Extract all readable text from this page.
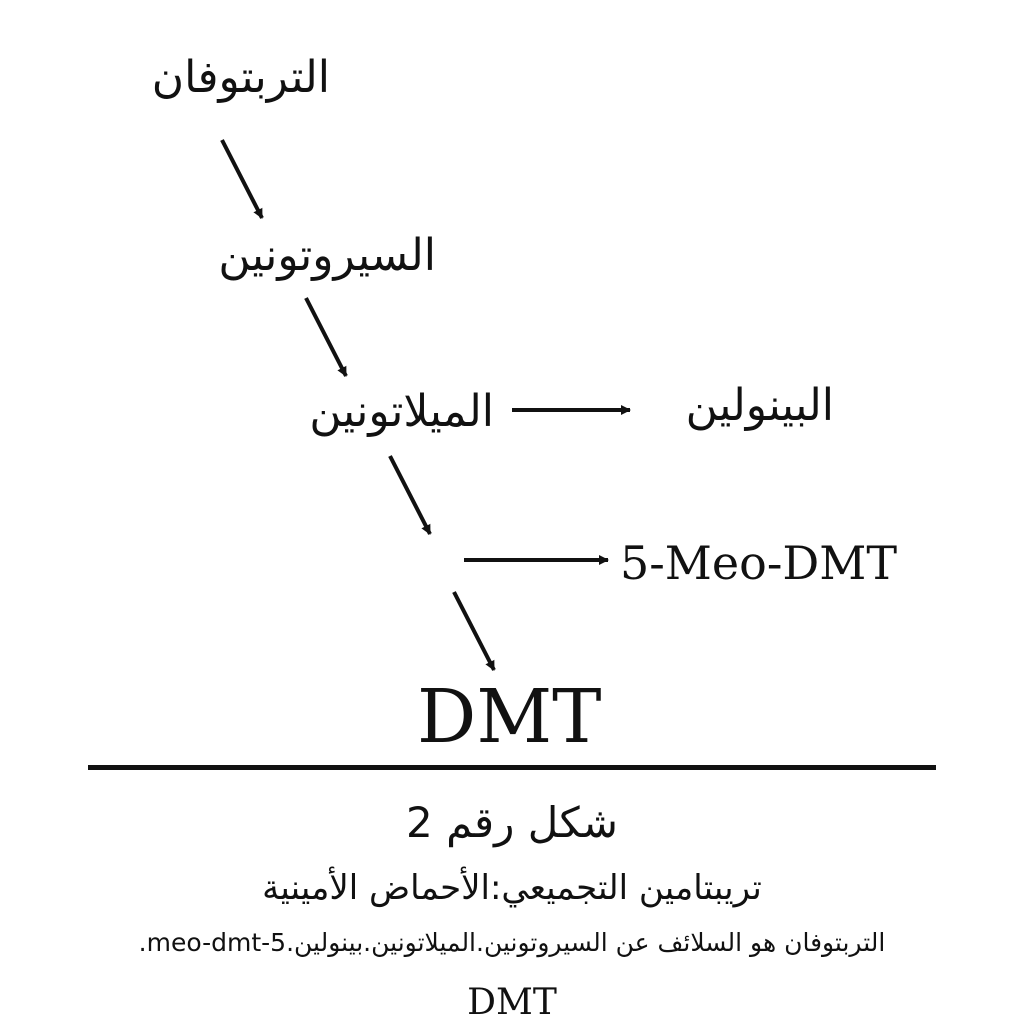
التربتوفان
السيروتونين
الميلاتونين	البينولين
5-Meo-DMT
DMT
شكل رقم 2
تريبتامين التجميعي:الأحماض الأمينية
التربتوفان هو السلائف عن السيروتونين.الميلاتونين.بينولين.meo-dmt-5.
DMT
